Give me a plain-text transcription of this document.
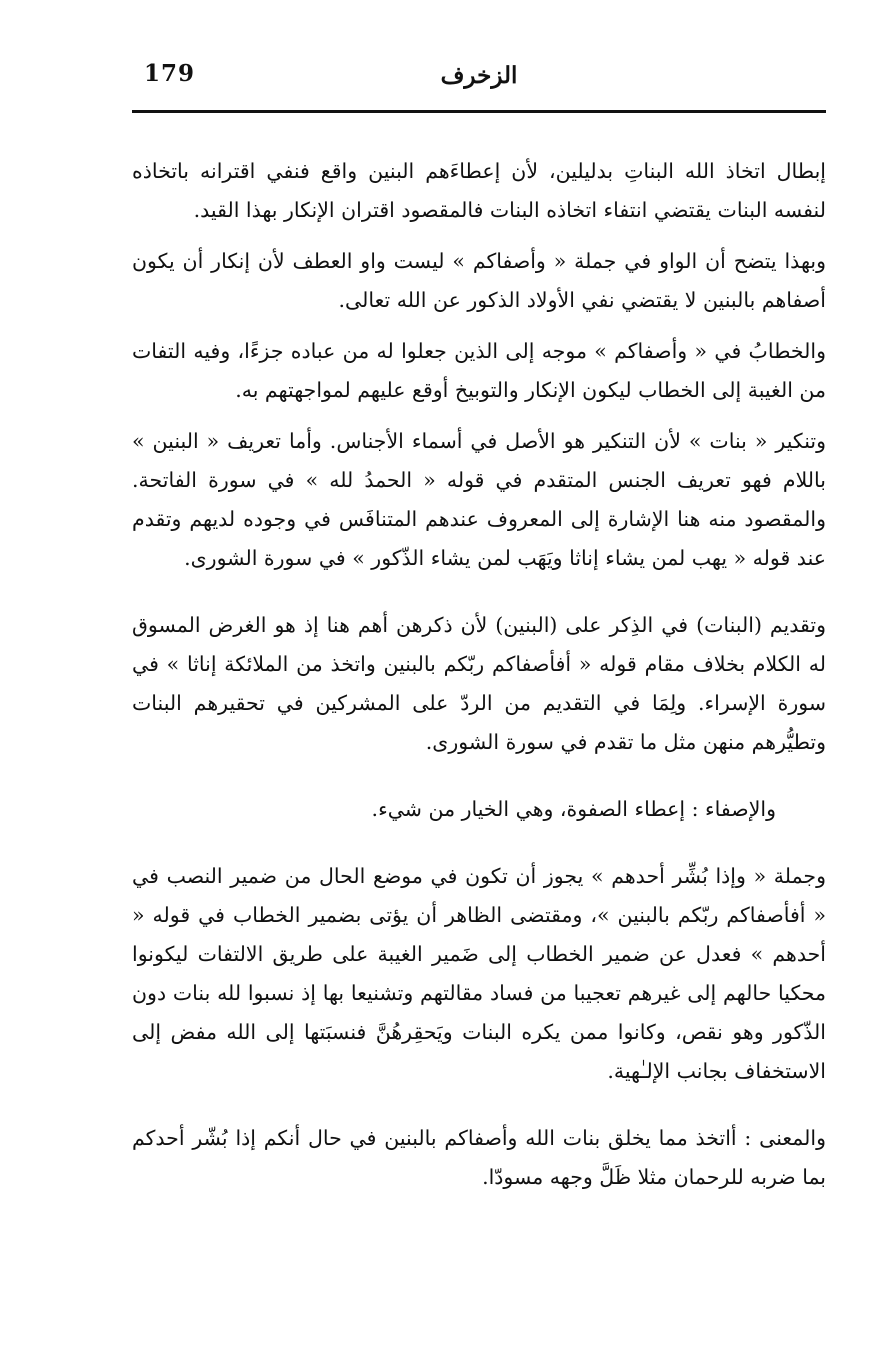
179	الزخرف

إبطال اتخاذ الله البناتِ بدليلين، لأن إعطاءَهم البنين واقع فنفي اقترانه باتخاذه لنفسه البنات يقتضي انتفاء اتخاذه البنات فالمقصود اقتران الإنكار بهذا القيد.

وبهذا يتضح أن الواو في جملة « وأصفاكم » ليست واو العطف لأن إنكار أن يكون أصفاهم بالبنين لا يقتضي نفي الأولاد الذكور عن الله تعالى.

والخطابُ في « وأصفاكم » موجه إلى الذين جعلوا له من عباده جزءًا، وفيه التفات من الغيبة إلى الخطاب ليكون الإنكار والتوبيخ أوقع عليهم لمواجهتهم به.

وتنكير « بنات » لأن التنكير هو الأصل في أسماء الأجناس. وأما تعريف « البنين » باللام فهو تعريف الجنس المتقدم في قوله « الحمدُ لله » في سورة الفاتحة. والمقصود منه هنا الإشارة إلى المعروف عندهم المتنافَس في وجوده لديهم وتقدم عند قوله « يهب لمن يشاء إناثا ويَهَب لمن يشاء الذّكور » في سورة الشورى.

وتقديم (البنات) في الذِكر على (البنين) لأن ذكرهن أهم هنا إذ هو الغرض المسوق له الكلام بخلاف مقام قوله « أفأصفاكم ربّكم بالبنين واتخذ من الملائكة إناثا » في سورة الإسراء. ولِمَا في التقديم من الردّ على المشركين في تحقيرهم البنات وتطيُّرهم منهن مثل ما تقدم في سورة الشورى.

والإصفاء : إعطاء الصفوة، وهي الخيار من شيء.

وجملة « وإذا بُشِّر أحدهم » يجوز أن تكون في موضع الحال من ضمير النصب في « أفأصفاكم ربّكم بالبنين »، ومقتضى الظاهر أن يؤتى بضمير الخطاب في قوله « أحدهم » فعدل عن ضمير الخطاب إلى ضَمير الغيبة على طريق الالتفات ليكونوا محكيا حالهم إلى غيرهم تعجيبا من فساد مقالتهم وتشنيعا بها إذ نسبوا لله بنات دون الذّكور وهو نقص، وكانوا ممن يكره البنات ويَحقِرهُنَّ فنسبَتها إلى الله مفض إلى الاستخفاف بجانب الإلـٰهية.

والمعنى : أاتخذ مما يخلق بنات الله وأصفاكم بالبنين في حال أنكم إذا بُشّر أحدكم بما ضربه للرحمان مثلا ظَلَّ وجهه مسودّا.
